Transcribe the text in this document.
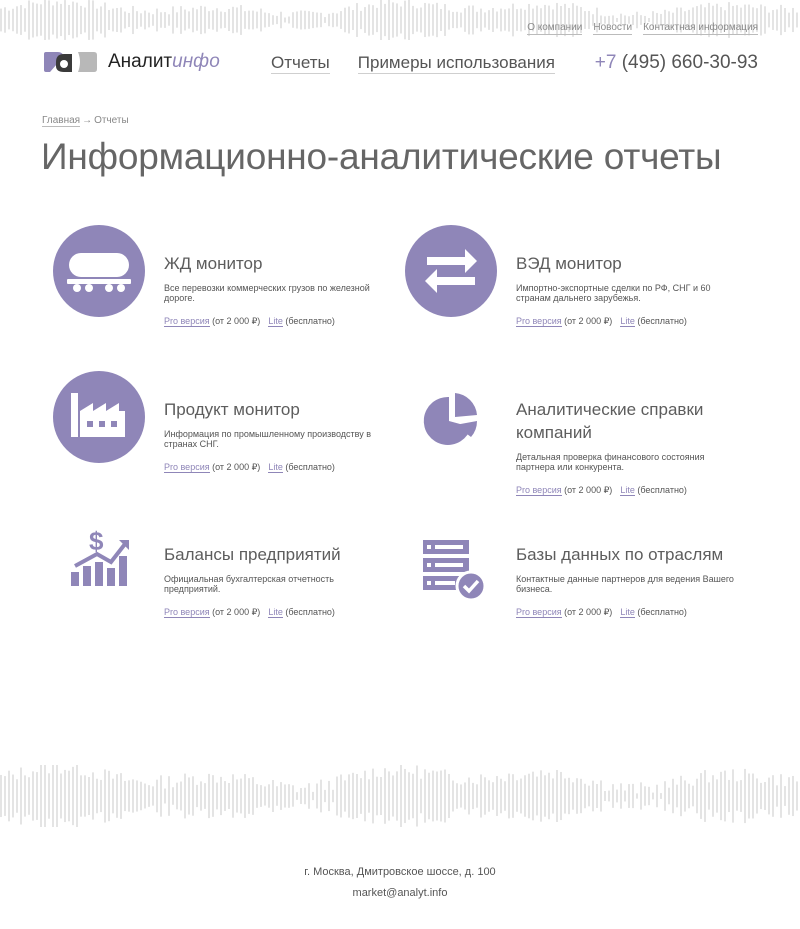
О компании Новости Контактная информация
Аналитинфо	Отчеты Примеры использования +7 (495) 660-30-93
Главная → Отчеты
Информационно-аналитические отчеты
ЖД монитор

Все перевозки коммерческих грузов по железной дороге.

Pro версия (от 2 000 ₽) Lite (бесплатно)

ВЭД монитор

Импортно-экспортные сделки по РФ, СНГ и 60 странам дальнего зарубежья.

Pro версия (от 2 000 ₽) Lite (бесплатно)

Продукт монитор

Информация по промышленному производству в странах СНГ.

Pro версия (от 2 000 ₽) Lite (бесплатно)

Аналитические справки компаний

Детальная проверка финансового состояния партнера или конкурента.

Pro версия (от 2 000 ₽) Lite (бесплатно)

$	Балансы предприятий

Официальная бухгалтерская отчетность предприятий.

Pro версия (от 2 000 ₽) Lite (бесплатно)

Базы данных по отраслям

Контактные данные партнеров для ведения Вашего бизнеса.

Pro версия (от 2 000 ₽) Lite (бесплатно)

г. Москва, Дмитровское шоссе, д. 100
market@analyt.info
